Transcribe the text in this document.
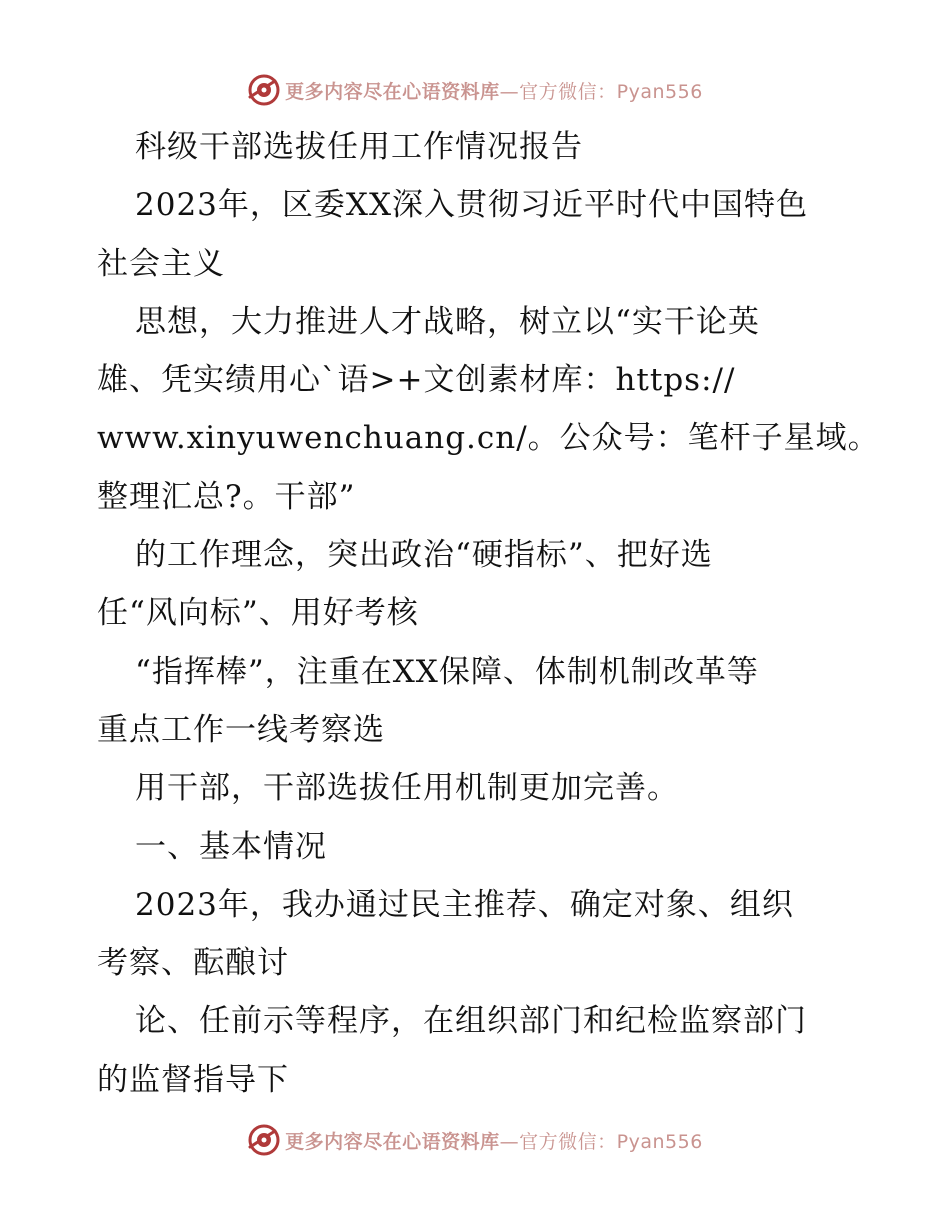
更多内容尽在心语资料库—官方微信：Pyan556
科级干部选拔任用工作情况报告
2023年，区委XX深入贯彻习近平时代中国特色
社会主义
思想，大力推进人才战略，树立以“实干论英
雄、凭实绩用心`语>+文创素材库：https://
www.xinyuwenchuang.cn/。公众号：笔杆子星域。
整理汇总?。干部”
的工作理念，突出政治“硬指标”、把好选
任“风向标”、用好考核
“指挥棒”，注重在XX保障、体制机制改革等
重点工作一线考察选
用干部，干部选拔任用机制更加完善。
一、基本情况
2023年，我办通过民主推荐、确定对象、组织
考察、酝酿讨
论、任前示等程序，在组织部门和纪检监察部门
的监督指导下
更多内容尽在心语资料库—官方微信：Pyan556
